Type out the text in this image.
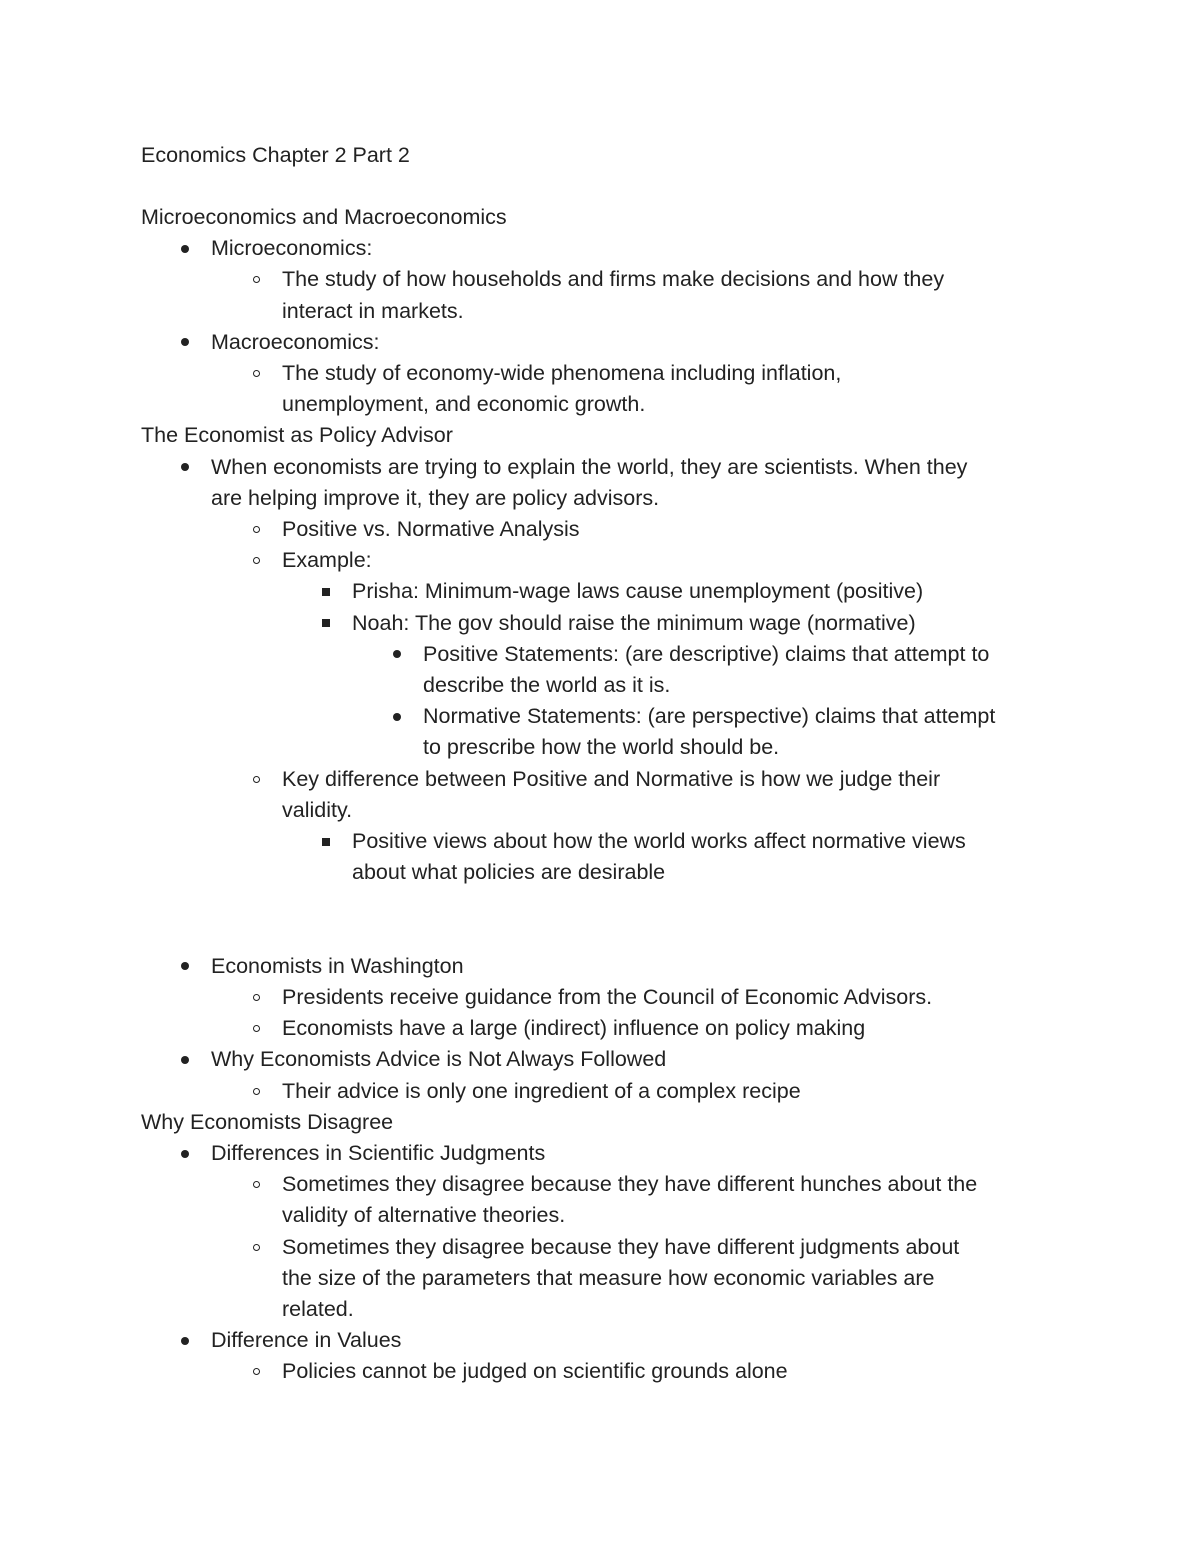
Economics Chapter 2 Part 2
Microeconomics and Macroeconomics
Microeconomics:
The study of how households and firms make decisions and how they
interact in markets.
Macroeconomics:
The study of economy-wide phenomena including inflation,
unemployment, and economic growth.
The Economist as Policy Advisor
When economists are trying to explain the world, they are scientists. When they
are helping improve it, they are policy advisors.
Positive vs. Normative Analysis
Example:
Prisha: Minimum-wage laws cause unemployment (positive)
Noah: The gov should raise the minimum wage (normative)
Positive Statements: (are descriptive) claims that attempt to
describe the world as it is.
Normative Statements: (are perspective) claims that attempt
to prescribe how the world should be.
Key difference between Positive and Normative is how we judge their
validity.
Positive views about how the world works affect normative views
about what policies are desirable
Economists in Washington
Presidents receive guidance from the Council of Economic Advisors.
Economists have a large (indirect) influence on policy making
Why Economists Advice is Not Always Followed
Their advice is only one ingredient of a complex recipe
Why Economists Disagree
Differences in Scientific Judgments
Sometimes they disagree because they have different hunches about the
validity of alternative theories.
Sometimes they disagree because they have different judgments about
the size of the parameters that measure how economic variables are
related.
Difference in Values
Policies cannot be judged on scientific grounds alone
